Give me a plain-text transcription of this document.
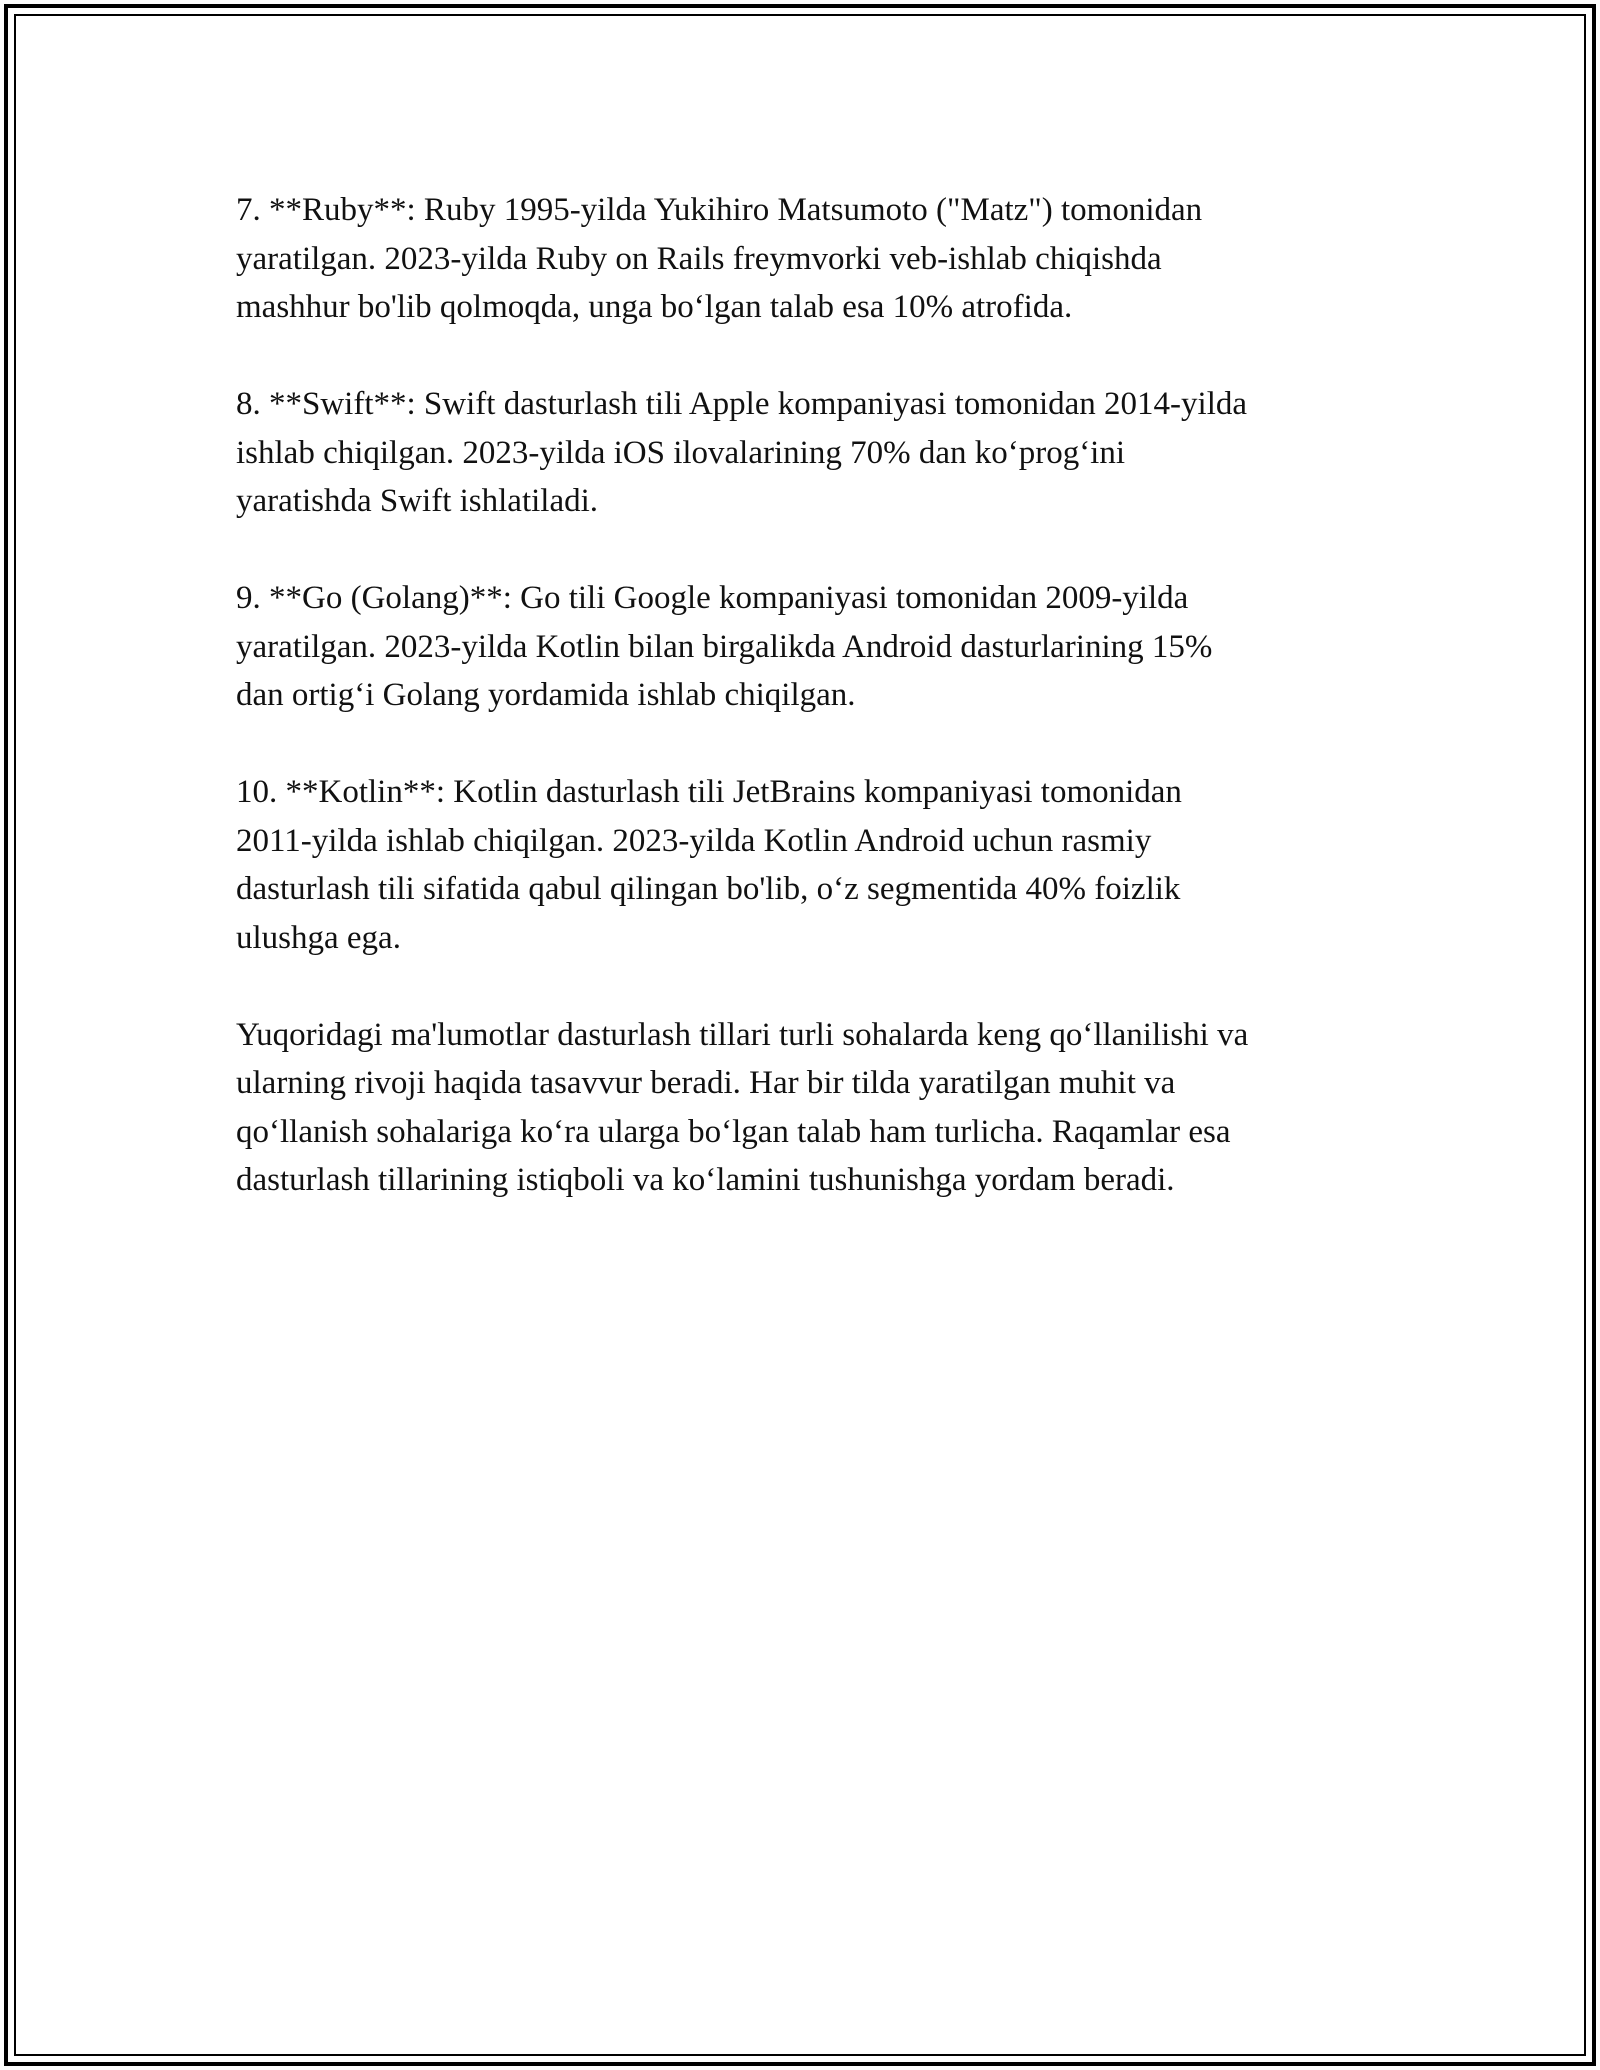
7. **Ruby**: Ruby 1995-yilda Yukihiro Matsumoto ("Matz") tomonidan
yaratilgan. 2023-yilda Ruby on Rails freymvorki veb-ishlab chiqishda
mashhur bo'lib qolmoqda, unga bo‘lgan talab esa 10% atrofida.

8. **Swift**: Swift dasturlash tili Apple kompaniyasi tomonidan 2014-yilda
ishlab chiqilgan. 2023-yilda iOS ilovalarining 70% dan ko‘prog‘ini
yaratishda Swift ishlatiladi.

9. **Go (Golang)**: Go tili Google kompaniyasi tomonidan 2009-yilda
yaratilgan. 2023-yilda Kotlin bilan birgalikda Android dasturlarining 15%
dan ortig‘i Golang yordamida ishlab chiqilgan.

10. **Kotlin**: Kotlin dasturlash tili JetBrains kompaniyasi tomonidan
2011-yilda ishlab chiqilgan. 2023-yilda Kotlin Android uchun rasmiy
dasturlash tili sifatida qabul qilingan bo'lib, o‘z segmentida 40% foizlik
ulushga ega.

Yuqoridagi ma'lumotlar dasturlash tillari turli sohalarda keng qo‘llanilishi va
ularning rivoji haqida tasavvur beradi. Har bir tilda yaratilgan muhit va
qo‘llanish sohalariga ko‘ra ularga bo‘lgan talab ham turlicha. Raqamlar esa
dasturlash tillarining istiqboli va ko‘lamini tushunishga yordam beradi.
